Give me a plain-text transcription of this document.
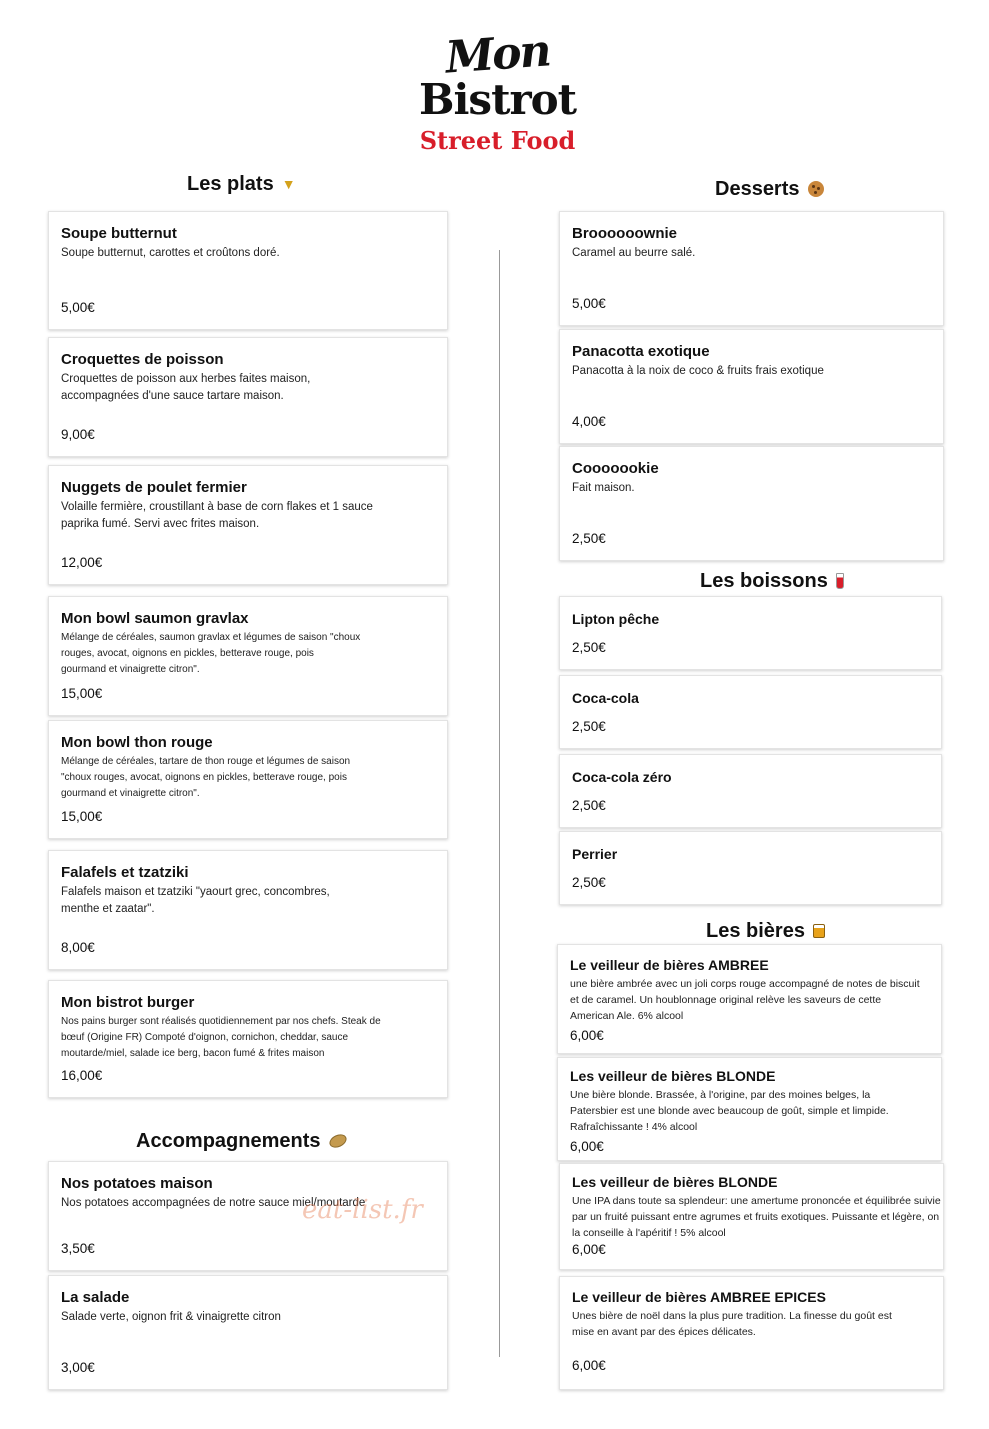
Mon
Bistrot
Street Food
Les plats ▼
Accompagnements
Desserts
Les boissons
Les bières
Soupe butternut
Soupe butternut, carottes et croûtons doré.
5,00€
Croquettes de poisson
Croquettes de poisson aux herbes faites maison, accompagnées d'une sauce tartare maison.
9,00€
Nuggets de poulet fermier
Volaille fermière, croustillant à base de corn flakes et 1 sauce paprika fumé. Servi avec frites maison.
12,00€
Mon bowl saumon gravlax
Mélange de céréales, saumon gravlax et légumes de saison "choux rouges, avocat, oignons en pickles, betterave rouge, pois gourmand et vinaigrette citron".
15,00€
Mon bowl thon rouge
Mélange de céréales, tartare de thon rouge et légumes de saison "choux rouges, avocat, oignons en pickles, betterave rouge, pois gourmand et vinaigrette citron".
15,00€
Falafels et tzatziki
Falafels maison et tzatziki "yaourt grec, concombres, menthe et zaatar".
8,00€
Mon bistrot burger
Nos pains burger sont réalisés quotidiennement par nos chefs. Steak de bœuf (Origine FR) Compoté d'oignon, cornichon, cheddar, sauce moutarde/miel, salade ice berg, bacon fumé & frites maison
16,00€
Nos potatoes maison
Nos potatoes accompagnées de notre sauce miel/moutarde
3,50€
La salade
Salade verte, oignon frit & vinaigrette citron
3,00€
Broooooownie
Caramel au beurre salé.
5,00€
Panacotta exotique
Panacotta à la noix de coco & fruits frais exotique
4,00€
Cooooookie
Fait maison.
2,50€
Lipton pêche
2,50€
Coca-cola
2,50€
Coca-cola zéro
2,50€
Perrier
2,50€
Le veilleur de bières AMBREE
une bière ambrée avec un joli corps rouge accompagné de notes de biscuit et de caramel. Un houblonnage original relève les saveurs de cette American Ale. 6% alcool
6,00€
Les veilleur de bières BLONDE
Une bière blonde. Brassée, à l'origine, par des moines belges, la Patersbier est une blonde avec beaucoup de goût, simple et limpide. Rafraîchissante ! 4% alcool
6,00€
Les veilleur de bières BLONDE
Une IPA dans toute sa splendeur: une amertume prononcée et équilibrée suivie par un fruité puissant entre agrumes et fruits exotiques. Puissante et légère, on la conseille à l'apéritif ! 5% alcool
6,00€
Le veilleur de bières AMBREE EPICES
Unes bière de noël dans la plus pure tradition. La finesse du goût est mise en avant par des épices délicates.
6,00€
eat-list.fr
